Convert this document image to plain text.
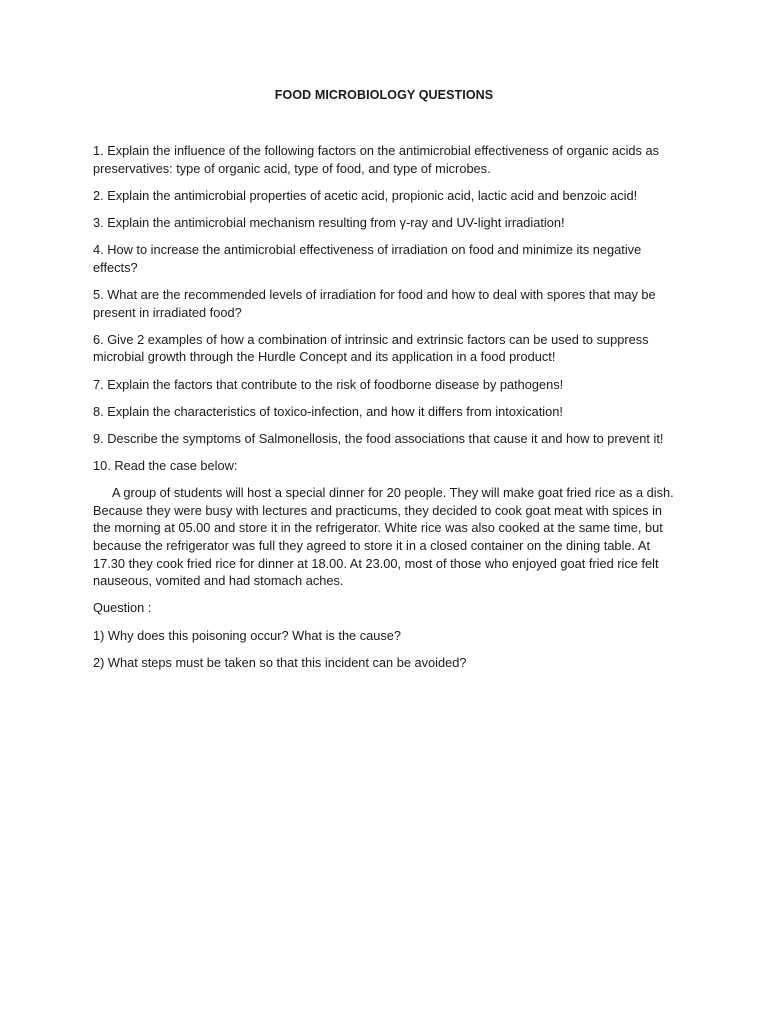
FOOD MICROBIOLOGY QUESTIONS

1. Explain the influence of the following factors on the antimicrobial effectiveness of organic acids as preservatives: type of organic acid, type of food, and type of microbes.

2. Explain the antimicrobial properties of acetic acid, propionic acid, lactic acid and benzoic acid!

3. Explain the antimicrobial mechanism resulting from γ-ray and UV-light irradiation!

4. How to increase the antimicrobial effectiveness of irradiation on food and minimize its negative effects?

5. What are the recommended levels of irradiation for food and how to deal with spores that may be present in irradiated food?

6. Give 2 examples of how a combination of intrinsic and extrinsic factors can be used to suppress microbial growth through the Hurdle Concept and its application in a food product!

7. Explain the factors that contribute to the risk of foodborne disease by pathogens!

8. Explain the characteristics of toxico-infection, and how it differs from intoxication!

9. Describe the symptoms of Salmonellosis, the food associations that cause it and how to prevent it!

10. Read the case below:

A group of students will host a special dinner for 20 people. They will make goat fried rice as a dish. Because they were busy with lectures and practicums, they decided to cook goat meat with spices in the morning at 05.00 and store it in the refrigerator. White rice was also cooked at the same time, but because the refrigerator was full they agreed to store it in a closed container on the dining table. At 17.30 they cook fried rice for dinner at 18.00. At 23.00, most of those who enjoyed goat fried rice felt nauseous, vomited and had stomach aches.

Question :

1) Why does this poisoning occur? What is the cause?

2) What steps must be taken so that this incident can be avoided?
